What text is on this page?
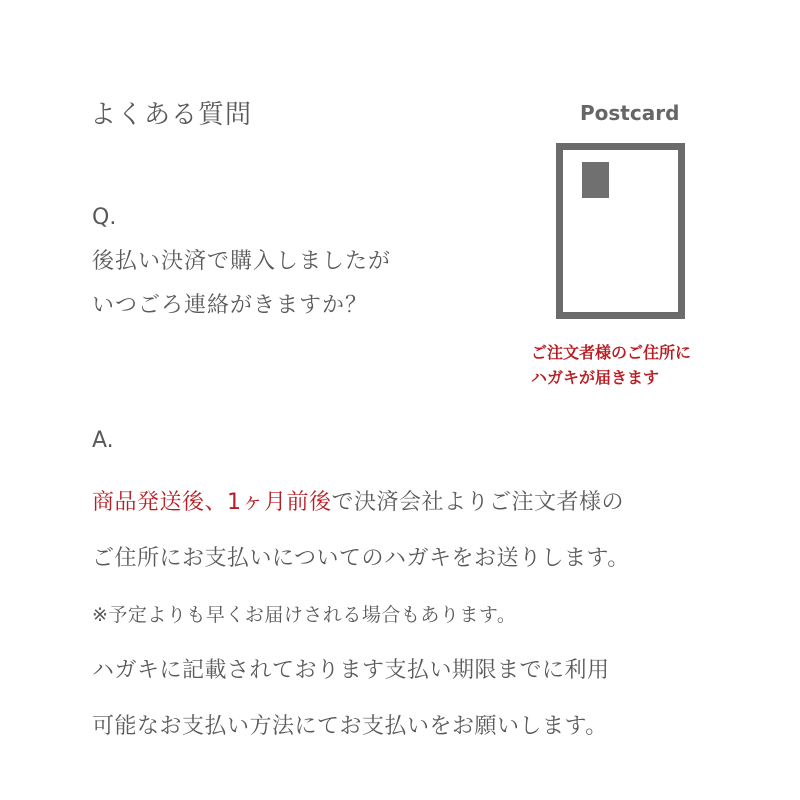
よくある質問
Q.
後払い決済で購入しましたが
いつごろ連絡がきますか？
A.
商品発送後、1ヶ月前後で決済会社よりご注文者様の
ご住所にお支払いについてのハガキをお送りします。
※予定よりも早くお届けされる場合もあります。
ハガキに記載されております支払い期限までに利用
可能なお支払い方法にてお支払いをお願いします。
Postcard
ご注文者様のご住所に
ハガキが届きます
